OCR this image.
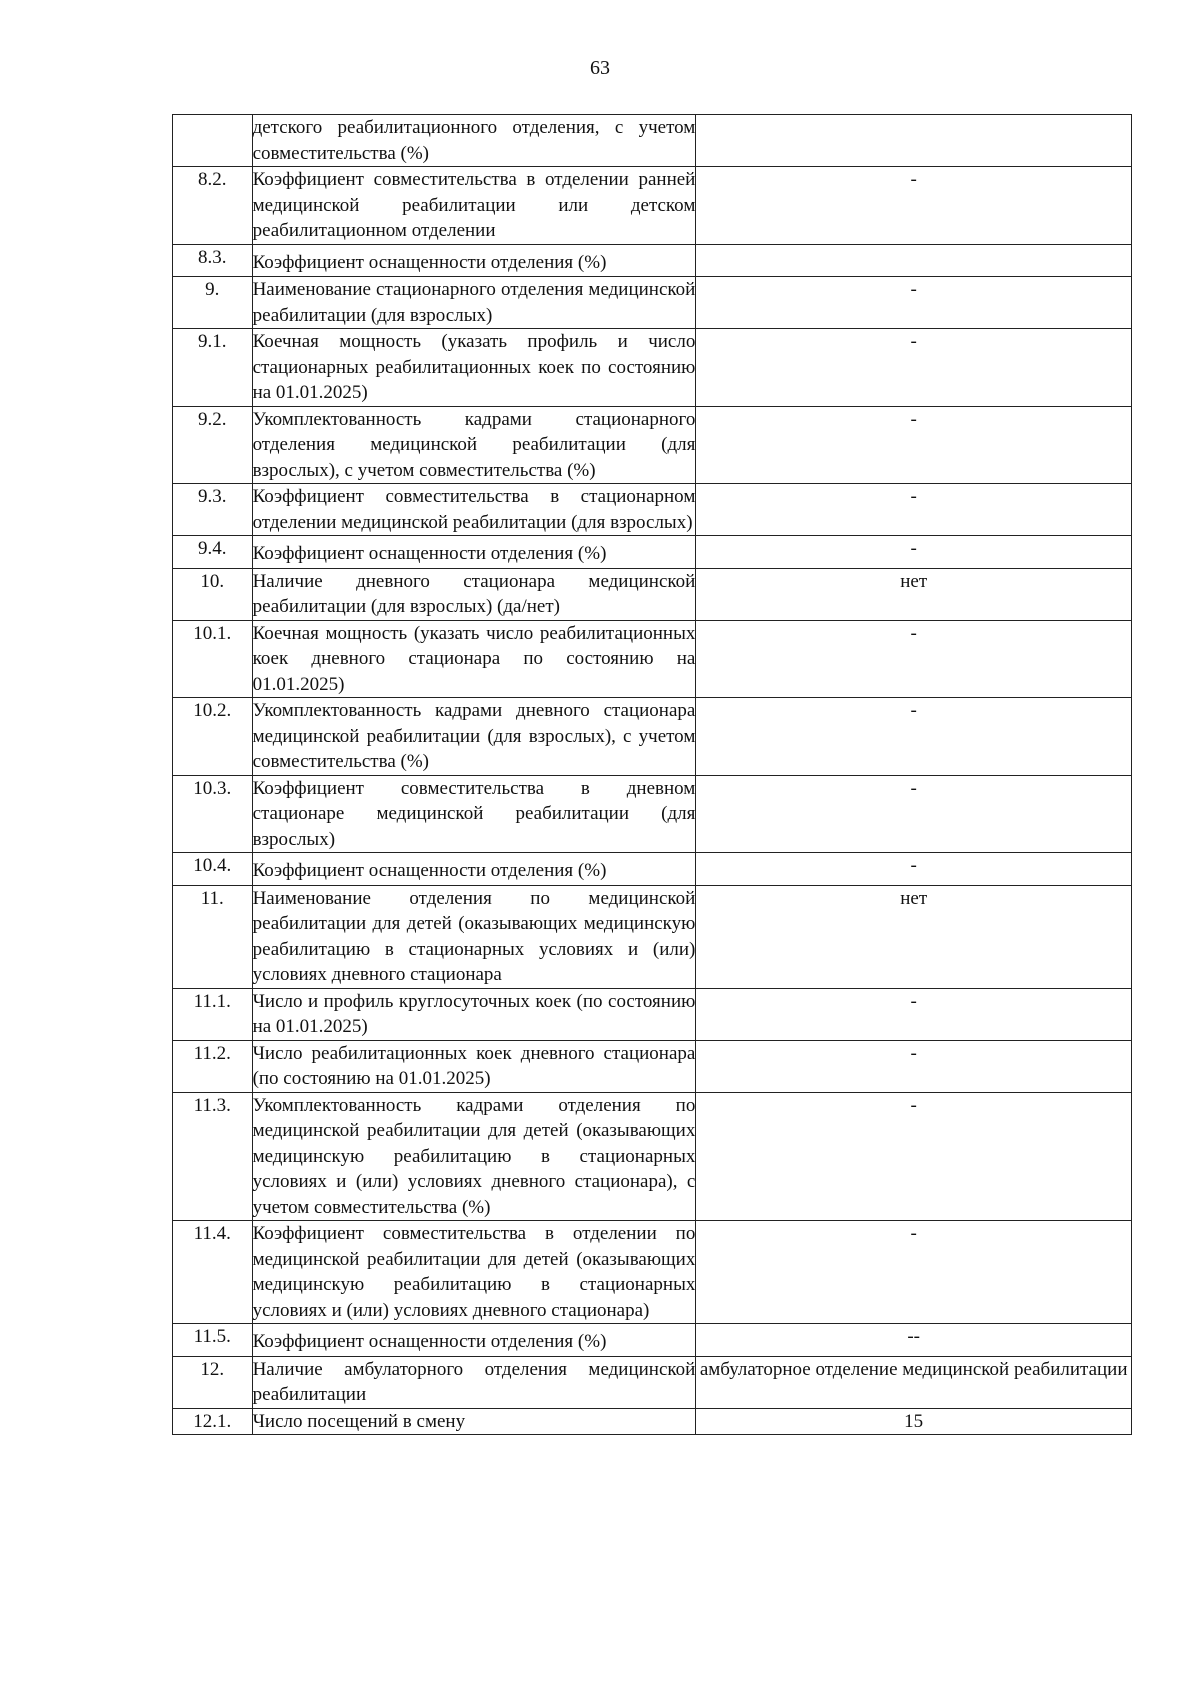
63
	детского реабилитационного отделения, с учетом совместительства (%)	
8.2.	Коэффициент совместительства в отделении ранней медицинской реабилитации или детском реабилитационном отделении	-
8.3.	Коэффициент оснащенности отделения (%)	
9.	Наименование стационарного отделения медицинской реабилитации (для взрослых)	-
9.1.	Коечная мощность (указать профиль и число стационарных реабилитационных коек по состоянию на 01.01.2025)	-
9.2.	Укомплектованность кадрами стационарного отделения медицинской реабилитации (для взрослых), с учетом совместительства (%)	-
9.3.	Коэффициент совместительства в стационарном отделении медицинской реабилитации (для взрослых)	-
9.4.	Коэффициент оснащенности отделения (%)	-
10.	Наличие дневного стационара медицинской реабилитации (для взрослых) (да/нет)	нет
10.1.	Коечная мощность (указать число реабилитационных коек дневного стационара по состоянию на 01.01.2025)	-
10.2.	Укомплектованность кадрами дневного стационара медицинской реабилитации (для взрослых), с учетом совместительства (%)	-
10.3.	Коэффициент совместительства в дневном стационаре медицинской реабилитации (для взрослых)	-
10.4.	Коэффициент оснащенности отделения (%)	-
11.	Наименование отделения по медицинской реабилитации для детей (оказывающих медицинскую реабилитацию в стационарных условиях и (или) условиях дневного стационара	нет
11.1.	Число и профиль круглосуточных коек (по состоянию на 01.01.2025)	-
11.2.	Число реабилитационных коек дневного стационара (по состоянию на 01.01.2025)	-
11.3.	Укомплектованность кадрами отделения по медицинской реабилитации для детей (оказывающих медицинскую реабилитацию в стационарных условиях и (или) условиях дневного стационара), с учетом совместительства (%)	-
11.4.	Коэффициент совместительства в отделении по медицинской реабилитации для детей (оказывающих медицинскую реабилитацию в стационарных условиях и (или) условиях дневного стационара)	-
11.5.	Коэффициент оснащенности отделения (%)	--
12.	Наличие амбулаторного отделения медицинской реабилитации	амбулаторное отделение медицинской реабилитации
12.1.	Число посещений в смену	15
